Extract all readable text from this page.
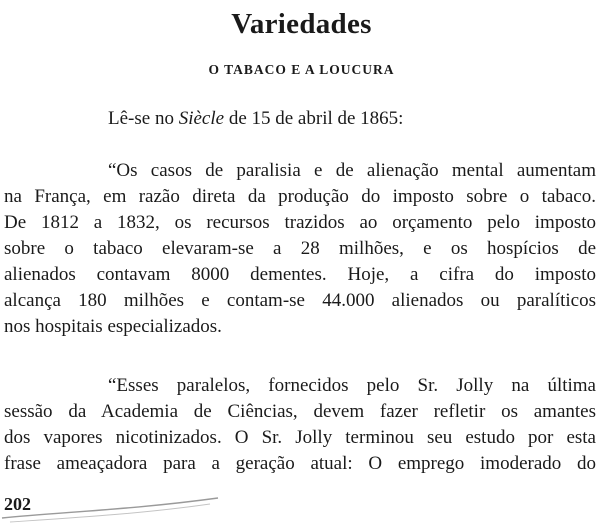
Variedades
O TABACO E A LOUCURA

Lê-se no Siècle de 15 de abril de 1865:

“Os casos de paralisia e de alienação mental aumentam
na França, em razão direta da produção do imposto sobre o tabaco.
De 1812 a 1832, os recursos trazidos ao orçamento pelo imposto
sobre o tabaco elevaram-se a 28 milhões, e os hospícios de
alienados contavam 8000 dementes. Hoje, a cifra do imposto
alcança 180 milhões e contam-se 44.000 alienados ou paralíticos
nos hospitais especializados.

“Esses paralelos, fornecidos pelo Sr. Jolly na última
sessão da Academia de Ciências, devem fazer refletir os amantes
dos vapores nicotinizados. O Sr. Jolly terminou seu estudo por esta
frase ameaçadora para a geração atual: O emprego imoderado do

202
